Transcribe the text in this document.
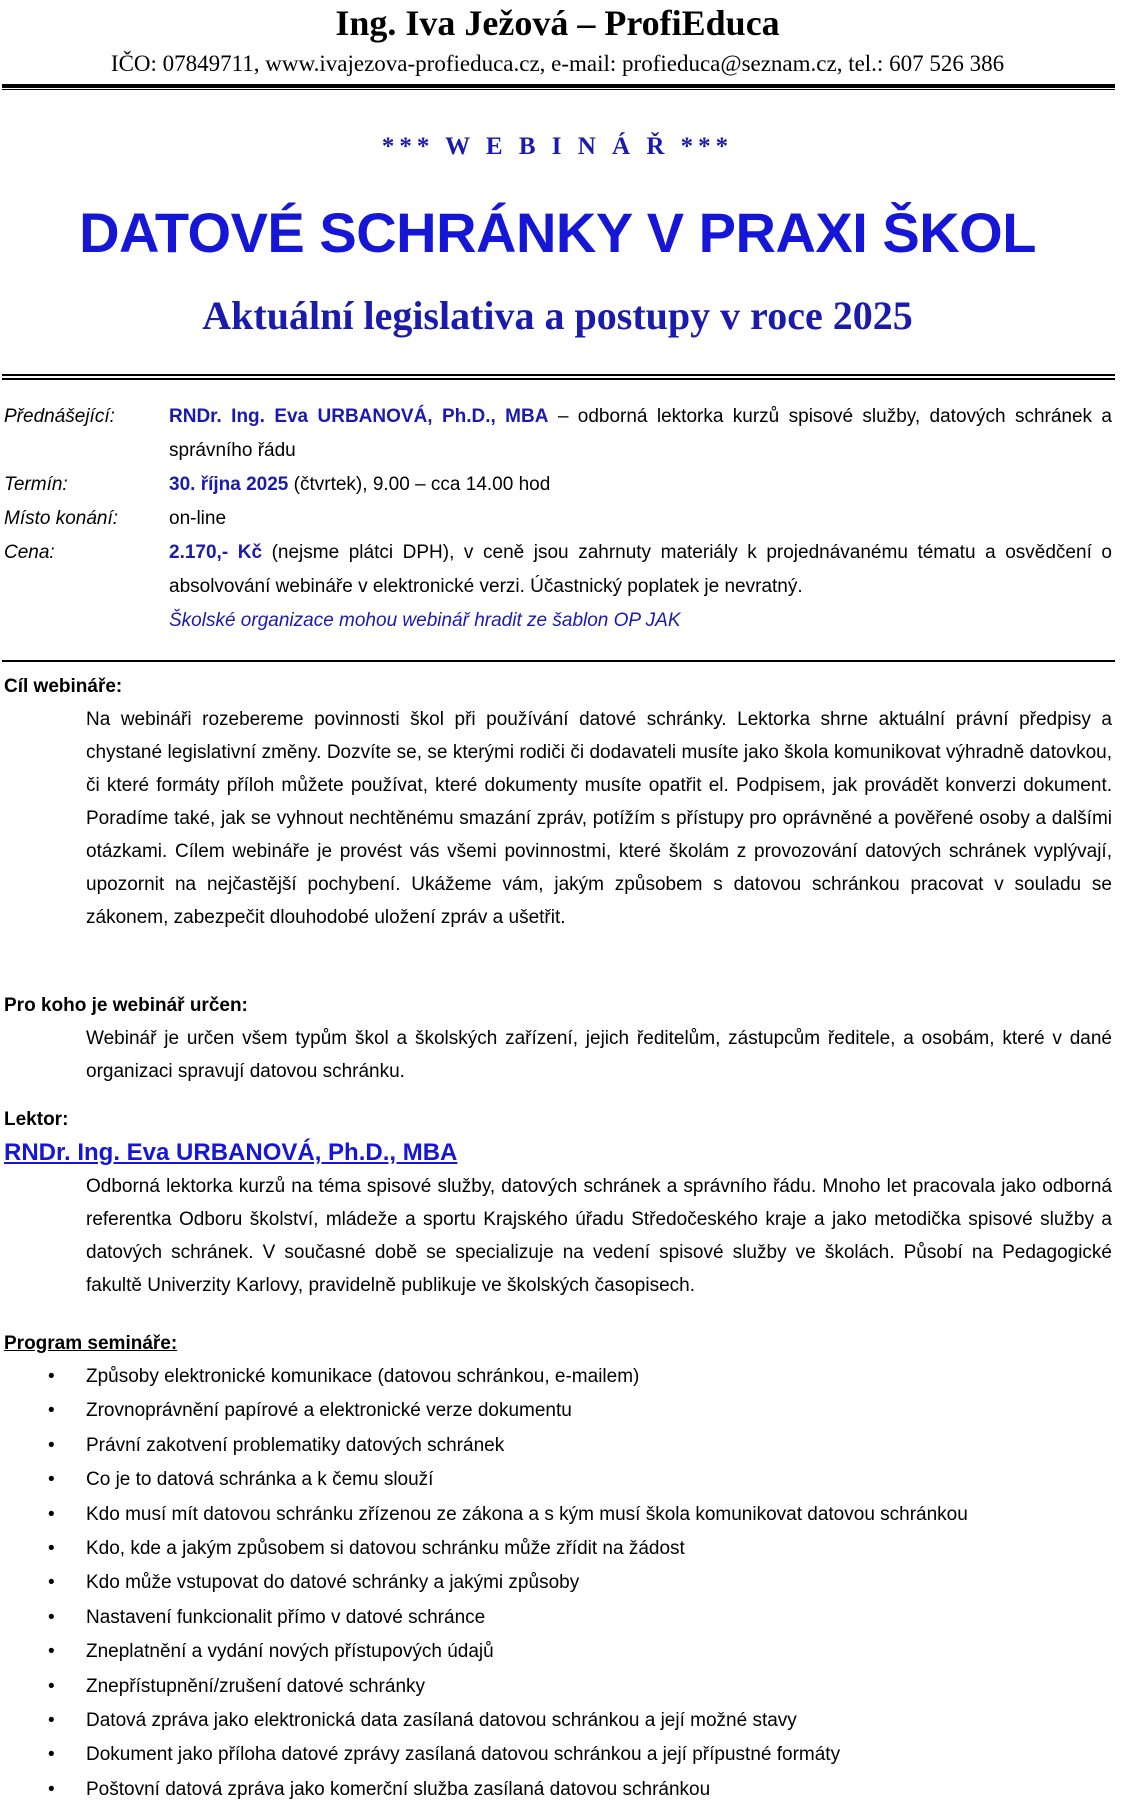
Ing. Iva Ježová – ProfiEduca
IČO: 07849711, www.ivajezova-profieduca.cz, e-mail: profieduca@seznam.cz, tel.: 607 526 386
*** W E B I N Á Ř ***
DATOVÉ SCHRÁNKY V PRAXI ŠKOL
Aktuální legislativa a postupy v roce 2025
Přednášející:	RNDr. Ing. Eva URBANOVÁ, Ph.D., MBA – odborná lektorka kurzů spisové služby, datových schránek a správního řádu
Termín:	30. října 2025 (čtvrtek), 9.00 – cca 14.00 hod
Místo konání:	on-line
Cena:	2.170,- Kč (nejsme plátci DPH), v ceně jsou zahrnuty materiály k projednávanému tématu a osvědčení o absolvování webináře v elektronické verzi. Účastnický poplatek je nevratný.
Školské organizace mohou webinář hradit ze šablon OP JAK
Cíl webináře:
Na webináři rozebereme povinnosti škol při používání datové schránky. Lektorka shrne aktuální právní předpisy a chystané legislativní změny. Dozvíte se, se kterými rodiči či dodavateli musíte jako škola komunikovat výhradně datovkou, či které formáty příloh můžete používat, které dokumenty musíte opatřit el. Podpisem, jak provádět konverzi dokument. Poradíme také, jak se vyhnout nechtěnému smazání zpráv, potížím s přístupy pro oprávněné a pověřené osoby a dalšími otázkami. Cílem webináře je provést vás všemi povinnostmi, které školám z provozování datových schránek vyplývají, upozornit na nejčastější pochybení. Ukážeme vám, jakým způsobem s datovou schránkou pracovat v souladu se zákonem, zabezpečit dlouhodobé uložení zpráv a ušetřit.
Pro koho je webinář určen:
Webinář je určen všem typům škol a školských zařízení, jejich ředitelům, zástupcům ředitele, a osobám, které v dané organizaci spravují datovou schránku.
Lektor:
RNDr. Ing. Eva URBANOVÁ, Ph.D., MBA
Odborná lektorka kurzů na téma spisové služby, datových schránek a správního řádu. Mnoho let pracovala jako odborná referentka Odboru školství, mládeže a sportu Krajského úřadu Středočeského kraje a jako metodička spisové služby a datových schránek. V současné době se specializuje na vedení spisové služby ve školách. Působí na Pedagogické fakultě Univerzity Karlovy, pravidelně publikuje ve školských časopisech.
Program semináře:
• Způsoby elektronické komunikace (datovou schránkou, e-mailem)
• Zrovnoprávnění papírové a elektronické verze dokumentu
• Právní zakotvení problematiky datových schránek
• Co je to datová schránka a k čemu slouží
• Kdo musí mít datovou schránku zřízenou ze zákona a s kým musí škola komunikovat datovou schránkou
• Kdo, kde a jakým způsobem si datovou schránku může zřídit na žádost
• Kdo může vstupovat do datové schránky a jakými způsoby
• Nastavení funkcionalit přímo v datové schránce
• Zneplatnění a vydání nových přístupových údajů
• Znepřístupnění/zrušení datové schránky
• Datová zpráva jako elektronická data zasílaná datovou schránkou a její možné stavy
• Dokument jako příloha datové zprávy zasílaná datovou schránkou a její přípustné formáty
• Poštovní datová zpráva jako komerční služba zasílaná datovou schránkou
